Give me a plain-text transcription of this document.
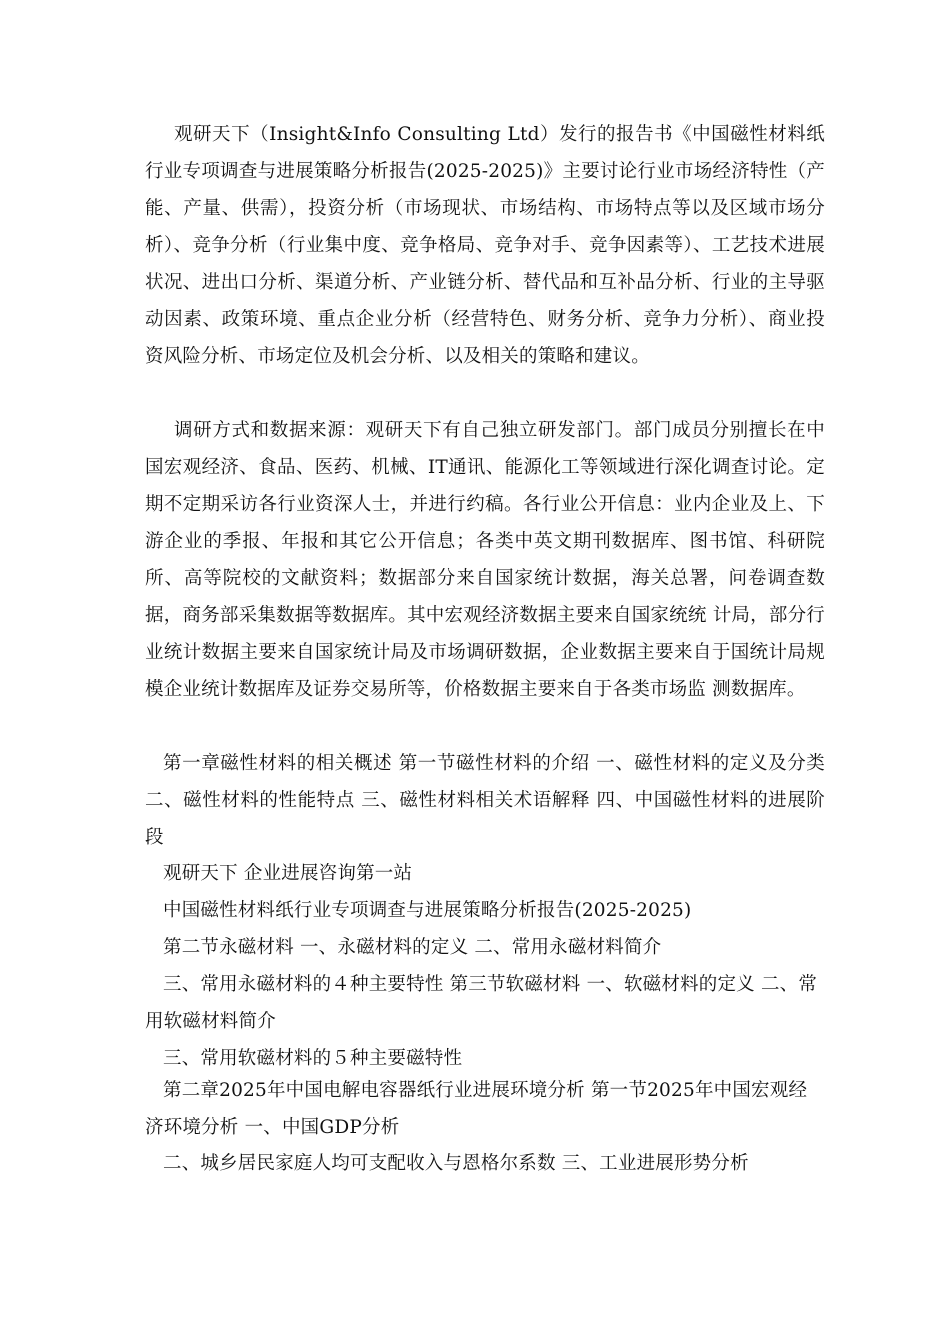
观研天下（Insight&Info Consulting Ltd）发行的报告书《中国磁性材料纸行业专项调查与进展策略分析报告(2025-2025)》主要讨论行业市场经济特性（产能、产量、供需），投资分析（市场现状、市场结构、市场特点等以及区域市场分析）、竞争分析（行业集中度、竞争格局、竞争对手、竞争因素等）、工艺技术进展状况、进出口分析、渠道分析、产业链分析、替代品和互补品分析、行业的主导驱动因素、政策环境、重点企业分析（经营特色、财务分析、竞争力分析）、商业投资风险分析、市场定位及机会分析、以及相关的策略和建议。

调研方式和数据来源：观研天下有自己独立研发部门。部门成员分别擅长在中国宏观经济、食品、医药、机械、IT通讯、能源化工等领域进行深化调查讨论。定期不定期采访各行业资深人士，并进行约稿。各行业公开信息：业内企业及上、下游企业的季报、年报和其它公开信息；各类中英文期刊数据库、图书馆、科研院所、高等院校的文献资料；数据部分来自国家统计数据，海关总署，问卷调查数据，商务部采集数据等数据库。其中宏观经济数据主要来自国家统统 计局，部分行业统计数据主要来自国家统计局及市场调研数据，企业数据主要来自于国统计局规模企业统计数据库及证券交易所等，价格数据主要来自于各类市场监 测数据库。

第一章磁性材料的相关概述 第一节磁性材料的介绍 一、磁性材料的定义及分类 二、磁性材料的性能特点 三、磁性材料相关术语解释 四、中国磁性材料的进展阶段

观研天下 企业进展咨询第一站

中国磁性材料纸行业专项调查与进展策略分析报告(2025-2025)

第二节永磁材料 一、永磁材料的定义 二、常用永磁材料简介

三、常用永磁材料的４种主要特性 第三节软磁材料 一、软磁材料的定义 二、常用软磁材料简介

三、常用软磁材料的５种主要磁特性

第二章2025年中国电解电容器纸行业进展环境分析 第一节2025年中国宏观经济环境分析 一、中国GDP分析

二、城乡居民家庭人均可支配收入与恩格尔系数 三、工业进展形势分析
